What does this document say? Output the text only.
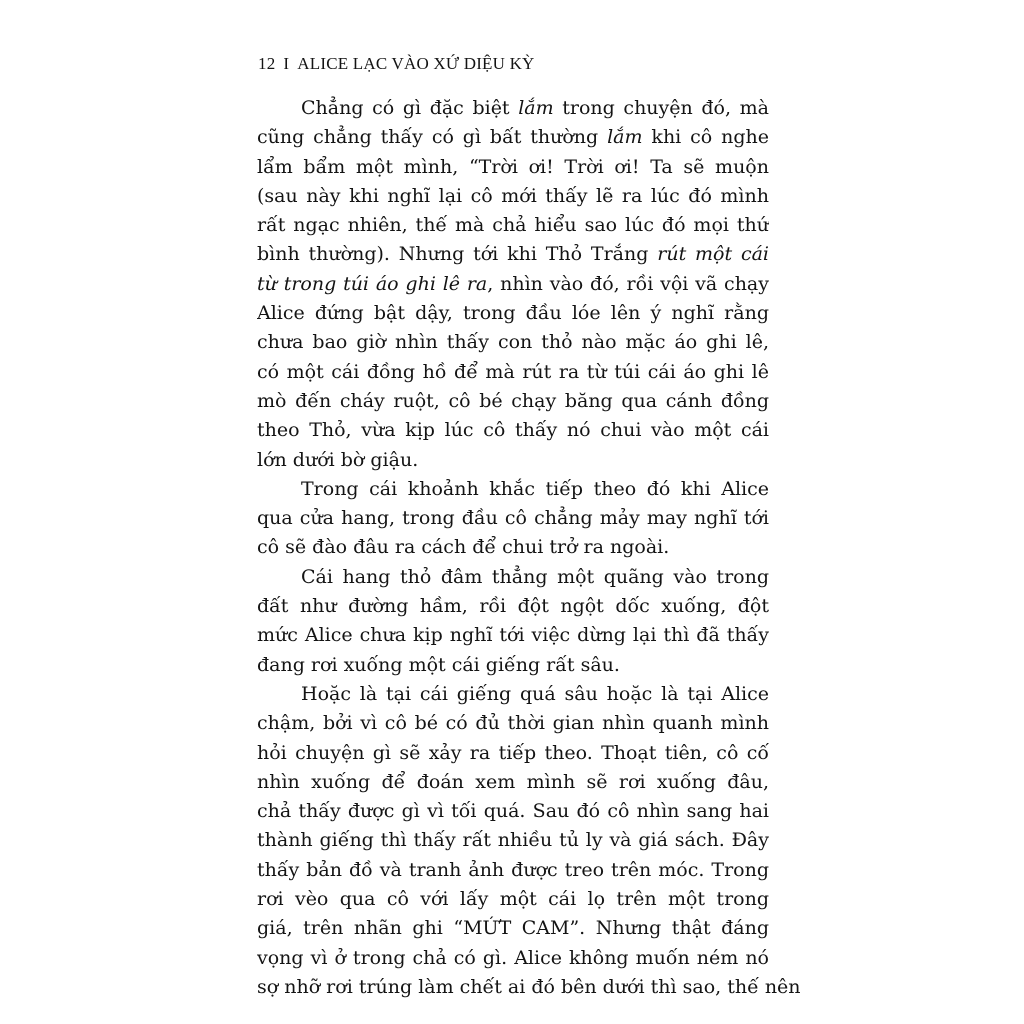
12 I ALICE LẠC VÀO XỨ DIỆU KỲ
Chẳng có gì đặc biệt lắm trong chuyện đó, mà
cũng chẳng thấy có gì bất thường lắm khi cô nghe
lẩm bẩm một mình, “Trời ơi! Trời ơi! Ta sẽ muộn
(sau này khi nghĩ lại cô mới thấy lẽ ra lúc đó mình
rất ngạc nhiên, thế mà chả hiểu sao lúc đó mọi thứ
bình thường). Nhưng tới khi Thỏ Trắng rút một cái
từ trong túi áo ghi lê ra, nhìn vào đó, rồi vội vã chạy
Alice đứng bật dậy, trong đầu lóe lên ý nghĩ rằng
chưa bao giờ nhìn thấy con thỏ nào mặc áo ghi lê,
có một cái đồng hồ để mà rút ra từ túi cái áo ghi lê
mò đến cháy ruột, cô bé chạy băng qua cánh đồng
theo Thỏ, vừa kịp lúc cô thấy nó chui vào một cái
lớn dưới bờ giậu.
Trong cái khoảnh khắc tiếp theo đó khi Alice
qua cửa hang, trong đầu cô chẳng mảy may nghĩ tới
cô sẽ đào đâu ra cách để chui trở ra ngoài.
Cái hang thỏ đâm thẳng một quãng vào trong
đất như đường hầm, rồi đột ngột dốc xuống, đột
mức Alice chưa kịp nghĩ tới việc dừng lại thì đã thấy
đang rơi xuống một cái giếng rất sâu.
Hoặc là tại cái giếng quá sâu hoặc là tại Alice
chậm, bởi vì cô bé có đủ thời gian nhìn quanh mình
hỏi chuyện gì sẽ xảy ra tiếp theo. Thoạt tiên, cô cố
nhìn xuống để đoán xem mình sẽ rơi xuống đâu,
chả thấy được gì vì tối quá. Sau đó cô nhìn sang hai
thành giếng thì thấy rất nhiều tủ ly và giá sách. Đây
thấy bản đồ và tranh ảnh được treo trên móc. Trong
rơi vèo qua cô với lấy một cái lọ trên một trong
giá, trên nhãn ghi “MỨT CAM”. Nhưng thật đáng
vọng vì ở trong chả có gì. Alice không muốn ném nó
sợ nhỡ rơi trúng làm chết ai đó bên dưới thì sao, thế nên
